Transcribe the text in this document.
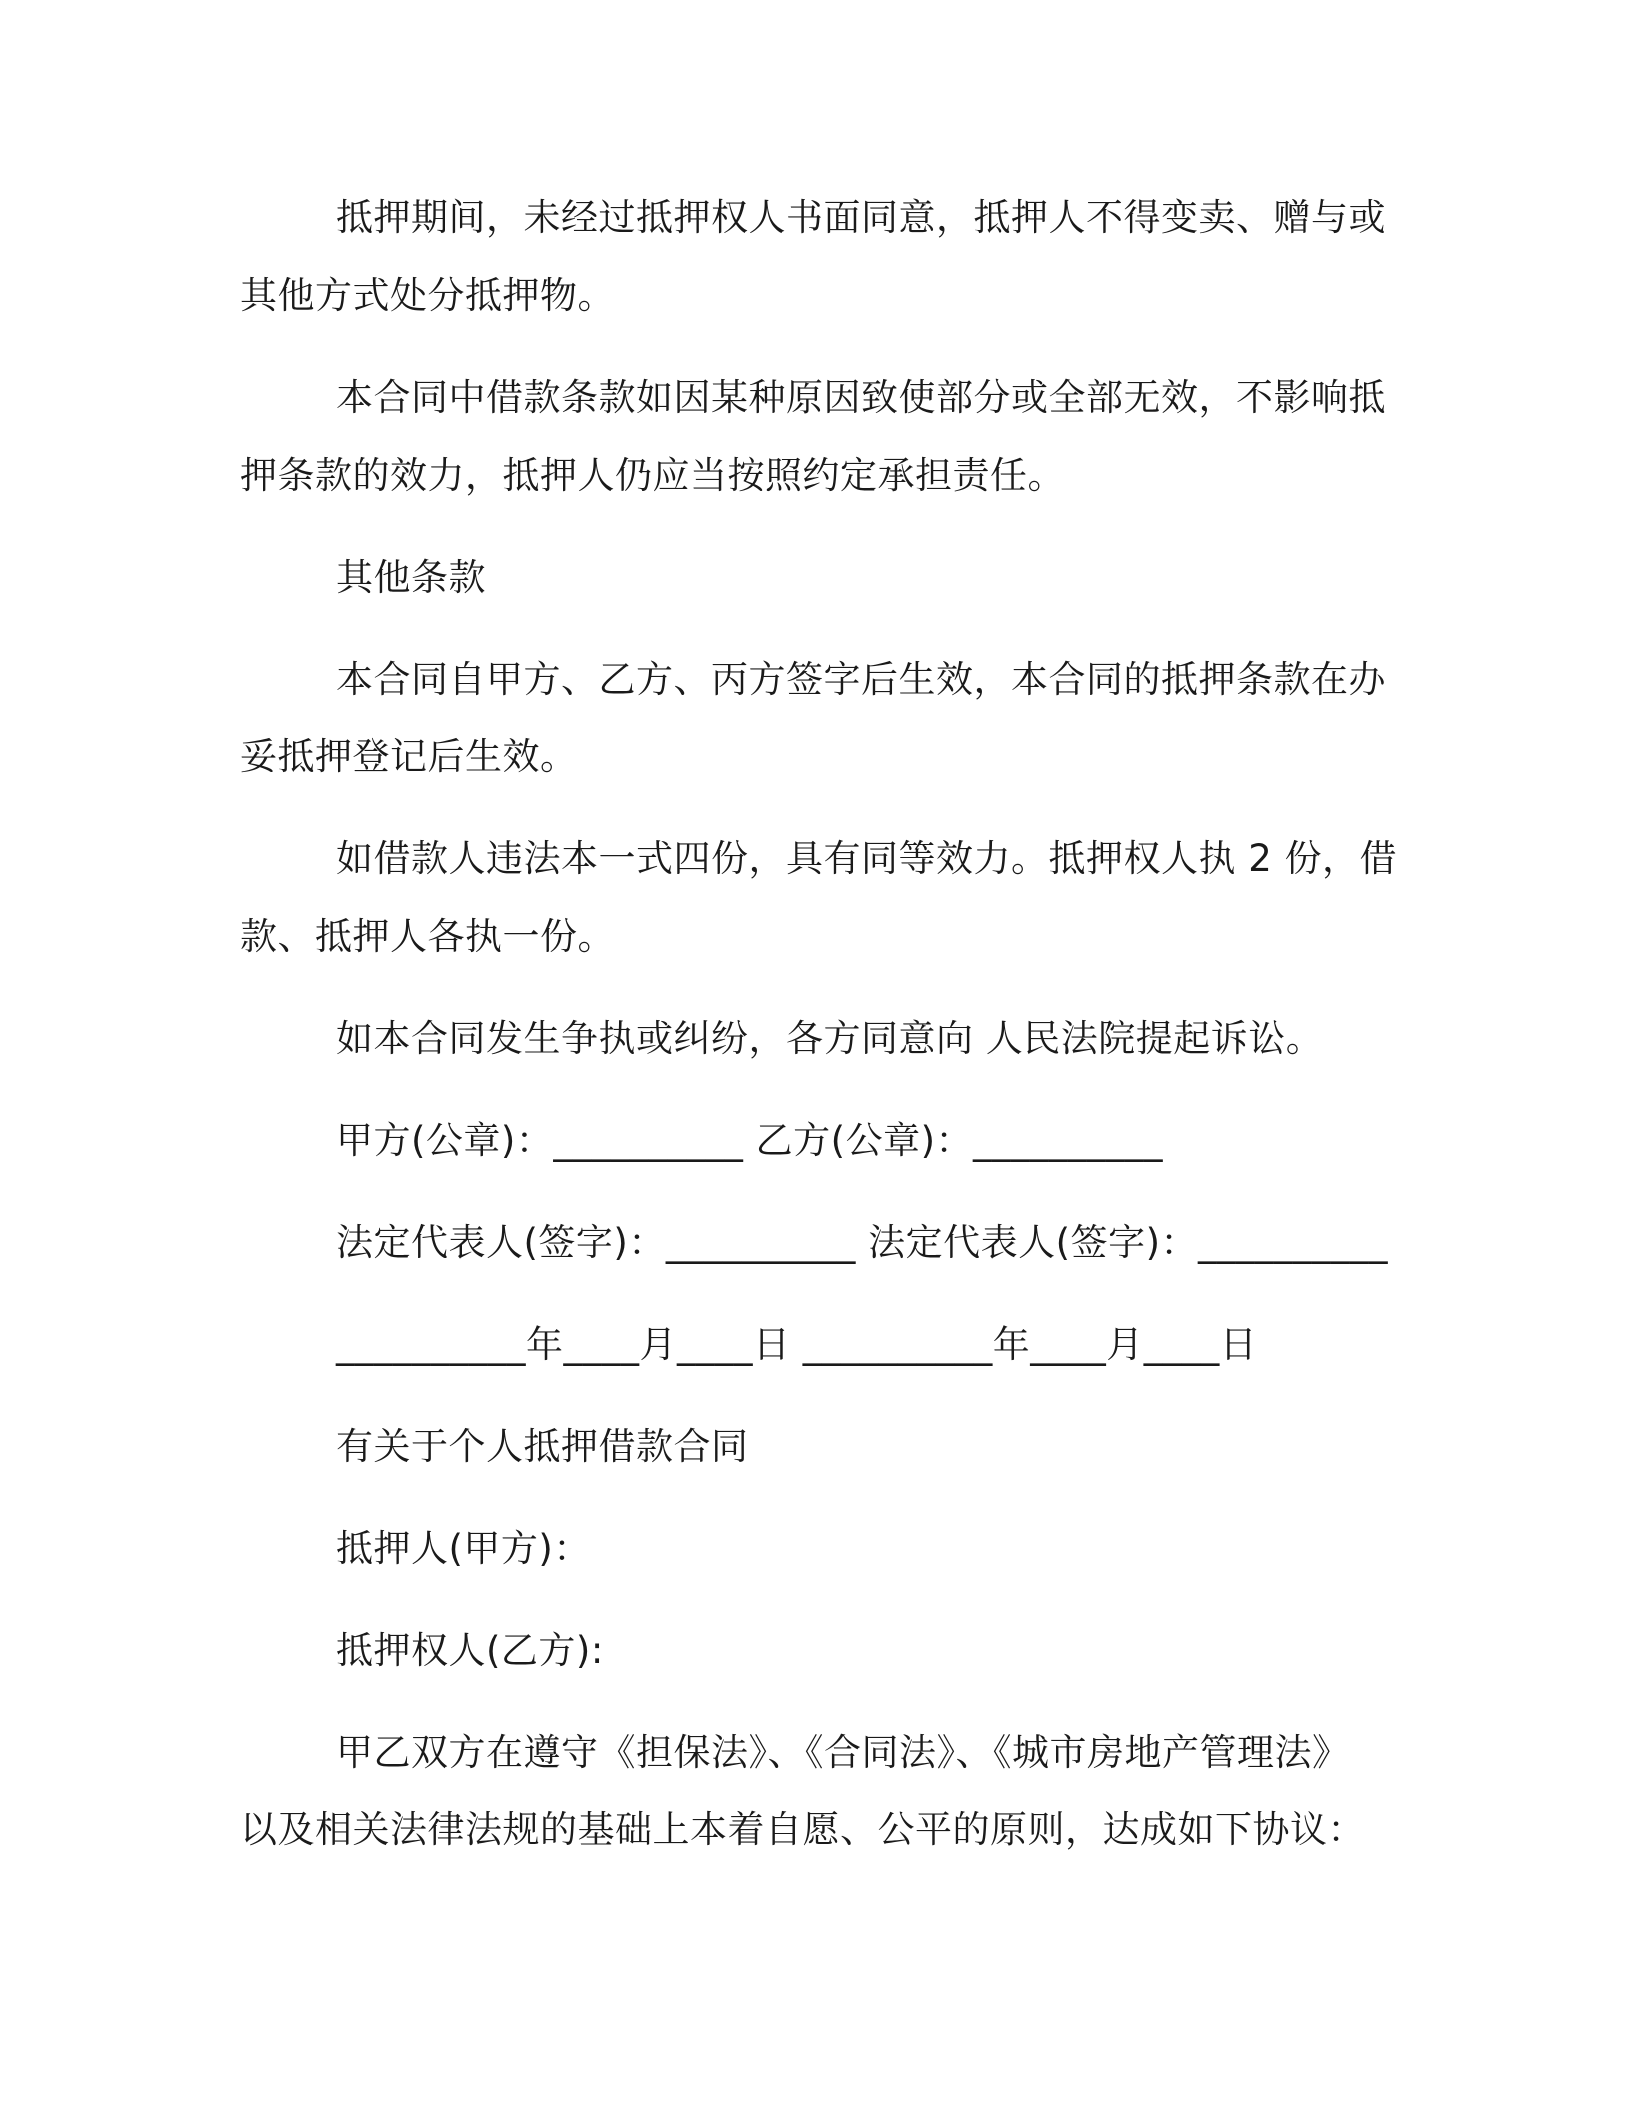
抵押期间，未经过抵押权人书面同意，抵押人不得变卖、赠与或
其他方式处分抵押物。
本合同中借款条款如因某种原因致使部分或全部无效，不影响抵
押条款的效力，抵押人仍应当按照约定承担责任。
其他条款
本合同自甲方、乙方、丙方签字后生效，本合同的抵押条款在办
妥抵押登记后生效。
如借款人违法本一式四份，具有同等效力。抵押权人执 2 份，借
款、抵押人各执一份。
如本合同发生争执或纠纷，各方同意向 人民法院提起诉讼。
甲方(公章)：__________ 乙方(公章)：__________
法定代表人(签字)：__________ 法定代表人(签字)：__________
__________年____月____日 __________年____月____日
有关于个人抵押借款合同
抵押人(甲方)：
抵押权人(乙方):
甲乙双方在遵守《担保法》、《合同法》、《城市房地产管理法》
以及相关法律法规的基础上本着自愿、公平的原则，达成如下协议：
